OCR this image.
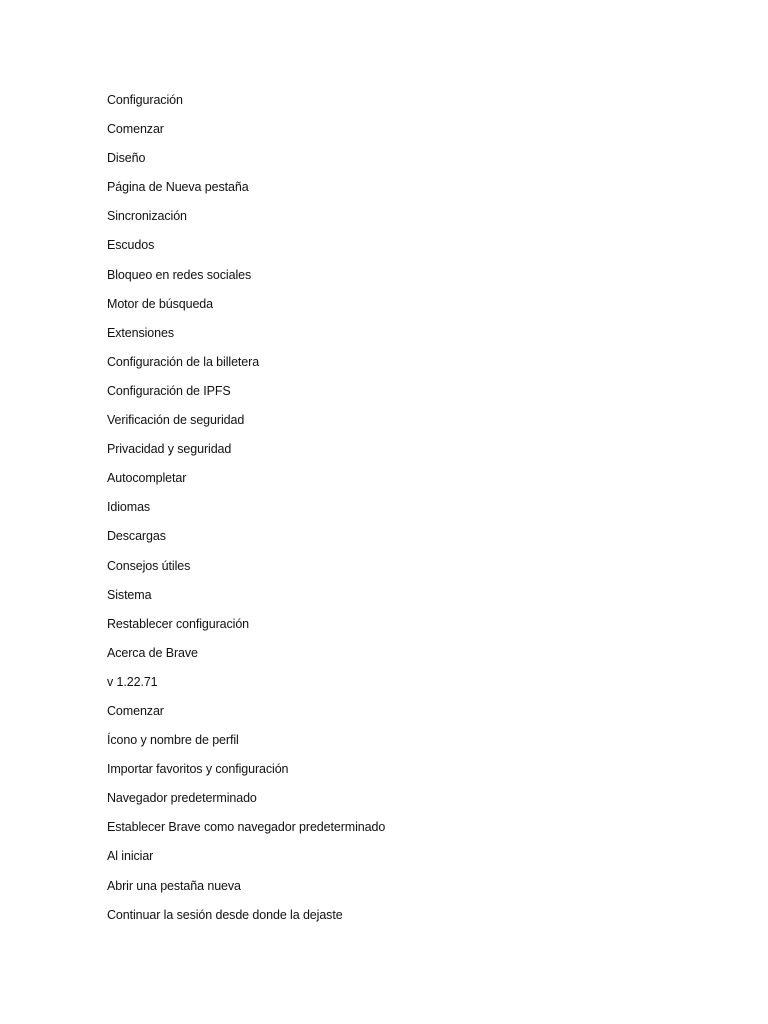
Configuración
Comenzar
Diseño
Página de Nueva pestaña
Sincronización
Escudos
Bloqueo en redes sociales
Motor de búsqueda
Extensiones
Configuración de la billetera
Configuración de IPFS
Verificación de seguridad
Privacidad y seguridad
Autocompletar
Idiomas
Descargas
Consejos útiles
Sistema
Restablecer configuración
Acerca de Brave
v 1.22.71
Comenzar
Ícono y nombre de perfil
Importar favoritos y configuración
Navegador predeterminado
Establecer Brave como navegador predeterminado
Al iniciar
Abrir una pestaña nueva
Continuar la sesión desde donde la dejaste
